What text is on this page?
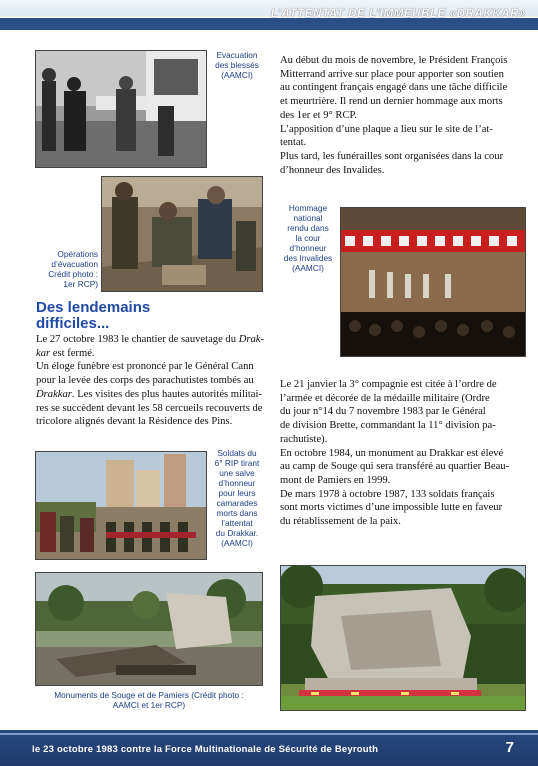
L’ATTENTAT DE L’IMMEUBLE «DRAKKAR»
Evacuation
des blessés
(AAMCI)
Opérations
d’évacuation
Crédit photo :
1er RCP)
Des lendemains
difficiles...

Le 27 octobre 1983 le chantier de sauvetage du Drak-

kar est fermé.

Un éloge funèbre est prononcé par le Général Cann

pour la levée des corps des parachutistes tombés au

Drakkar. Les visites des plus hautes autorités militai-

res se succèdent devant les 58 cercueils recouverts de

tricolore alignés devant la Résidence des Pins.

Soldats du
6° RIP tirant
une salve
d’honneur
pour leurs
camarades
morts dans
l’attentat
du Drakkar.
(AAMCI)
Monuments de Souge et de Pamiers (Crédit photo :
AAMCI et 1er RCP)

Au début du mois de novembre, le Président François

Mitterrand arrive sur place pour apporter son soutien

au contingent français engagé dans une tâche difficile

et meurtrière. Il rend un dernier hommage aux morts

des 1er et 9° RCP.

L’apposition d’une plaque a lieu sur le site de l’at-

tentat.

Plus tard, les funérailles sont organisées dans la cour

d’honneur des Invalides.

Hommage
national
rendu dans
la cour
d’honneur
des Invalides
(AAMCI)

Le 21 janvier la 3° compagnie est citée à l’ordre de

l’armée et décorée de la médaille militaire (Ordre

du jour n°14 du 7 novembre 1983 par le Général

de division Brette, commandant la 11° division pa-

rachutiste).

En octobre 1984, un monument au Drakkar est élevé

au camp de Souge qui sera transféré au quartier Beau-

mont de Pamiers en 1999.

De mars 1978 à octobre 1987, 133 soldats français

sont morts victimes d’une impossible lutte en faveur

du rétablissement de la paix.

le 23 octobre 1983 contre la Force Multinationale de Sécurité de Beyrouth	7
